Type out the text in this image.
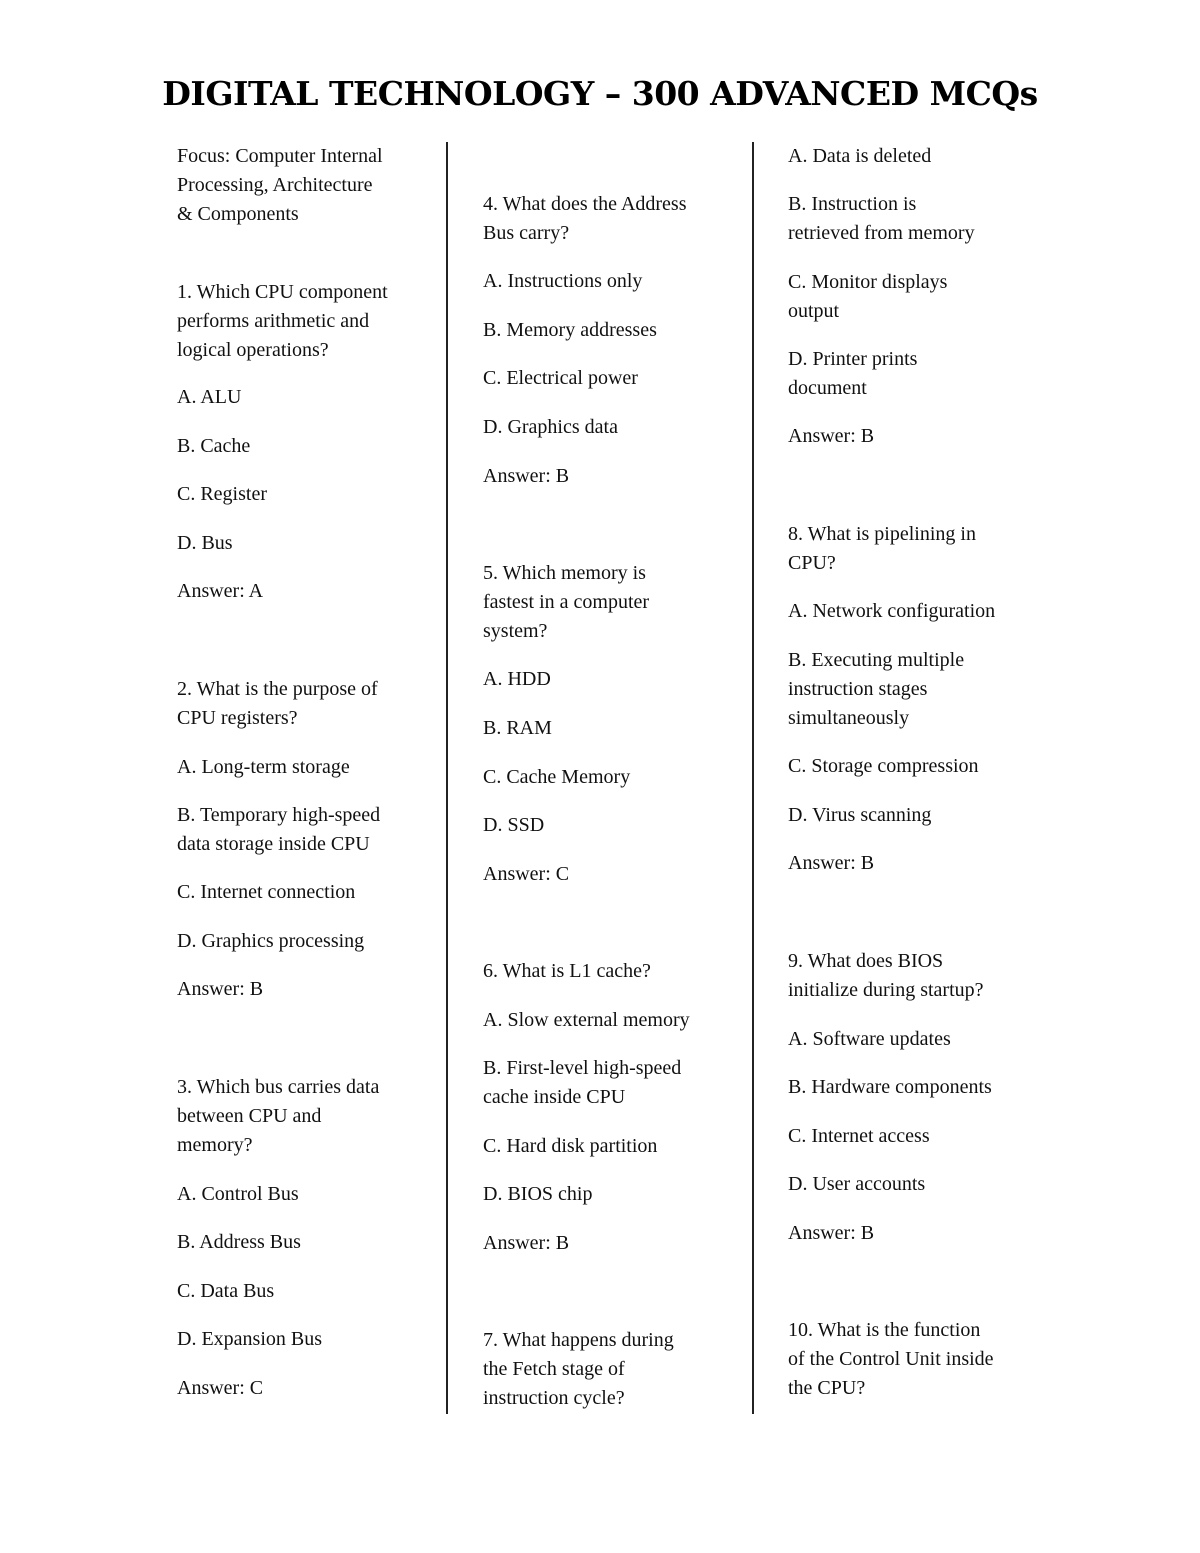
DIGITAL TECHNOLOGY – 300 ADVANCED MCQs
Focus: Computer Internal
Processing, Architecture
& Components
1. Which CPU component
performs arithmetic and
logical operations?
A. ALU
B. Cache
C. Register
D. Bus
Answer: A
2. What is the purpose of
CPU registers?
A. Long-term storage
B. Temporary high-speed
data storage inside CPU
C. Internet connection
D. Graphics processing
Answer: B
3. Which bus carries data
between CPU and
memory?
A. Control Bus
B. Address Bus
C. Data Bus
D. Expansion Bus
Answer: C
4. What does the Address
Bus carry?
A. Instructions only
B. Memory addresses
C. Electrical power
D. Graphics data
Answer: B
5. Which memory is
fastest in a computer
system?
A. HDD
B. RAM
C. Cache Memory
D. SSD
Answer: C
6. What is L1 cache?
A. Slow external memory
B. First-level high-speed
cache inside CPU
C. Hard disk partition
D. BIOS chip
Answer: B
7. What happens during
the Fetch stage of
instruction cycle?
A. Data is deleted
B. Instruction is
retrieved from memory
C. Monitor displays
output
D. Printer prints
document
Answer: B
8. What is pipelining in
CPU?
A. Network configuration
B. Executing multiple
instruction stages
simultaneously
C. Storage compression
D. Virus scanning
Answer: B
9. What does BIOS
initialize during startup?
A. Software updates
B. Hardware components
C. Internet access
D. User accounts
Answer: B
10. What is the function
of the Control Unit inside
the CPU?
